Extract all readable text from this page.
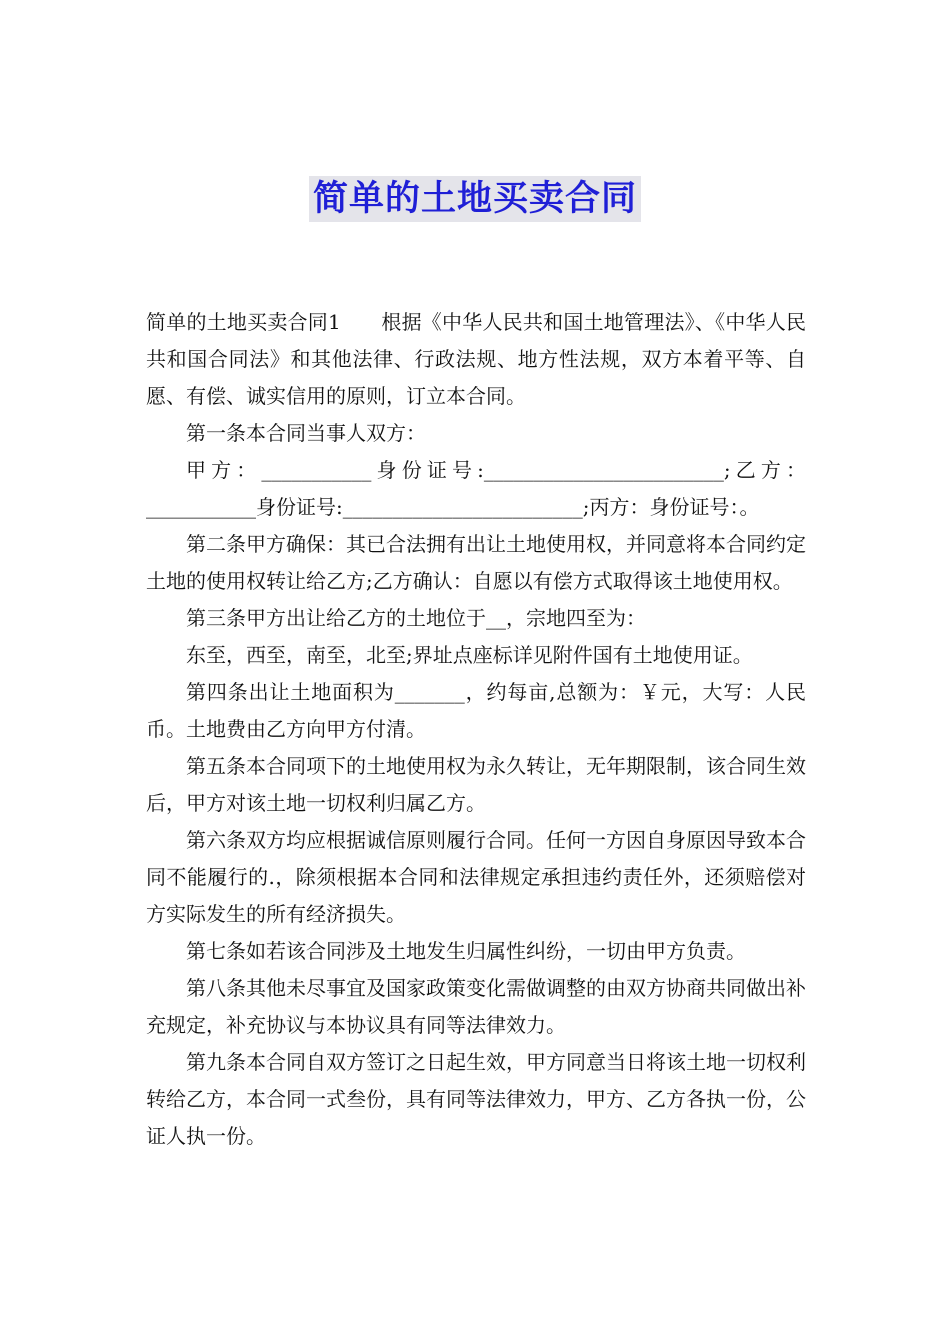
简单的土地买卖合同

简单的土地买卖合同1　　根据《中华人民共和国土地管理法》、《中华人民共和国合同法》和其他法律、行政法规、地方性法规，双方本着平等、自愿、有偿、诚实信用的原则，订立本合同。

第一条本合同当事人双方：

甲方：___________身份证号:________________________;乙方：___________身份证号:________________________;丙方：身份证号：。

第二条甲方确保：其已合法拥有出让土地使用权，并同意将本合同约定土地的使用权转让给乙方;乙方确认：自愿以有偿方式取得该土地使用权。

第三条甲方出让给乙方的土地位于__，宗地四至为：

东至，西至，南至，北至;界址点座标详见附件国有土地使用证。

第四条出让土地面积为_______，约每亩,总额为：￥元，大写：人民币。土地费由乙方向甲方付清。

第五条本合同项下的土地使用权为永久转让，无年期限制，该合同生效后，甲方对该土地一切权利归属乙方。

第六条双方均应根据诚信原则履行合同。任何一方因自身原因导致本合同不能履行的.，除须根据本合同和法律规定承担违约责任外，还须赔偿对方实际发生的所有经济损失。

第七条如若该合同涉及土地发生归属性纠纷，一切由甲方负责。

第八条其他未尽事宜及国家政策变化需做调整的由双方协商共同做出补充规定，补充协议与本协议具有同等法律效力。

第九条本合同自双方签订之日起生效，甲方同意当日将该土地一切权利转给乙方，本合同一式叁份，具有同等法律效力，甲方、乙方各执一份，公证人执一份。
